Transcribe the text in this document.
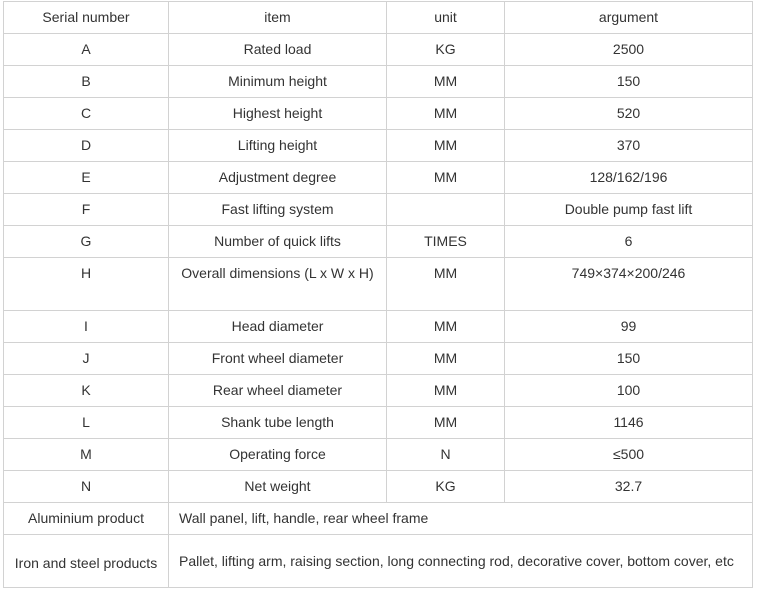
Serial number	item	unit	argument
A	Rated load	KG	2500
B	Minimum height	MM	150
C	Highest height	MM	520
D	Lifting height	MM	370
E	Adjustment degree	MM	128/162/196
F	Fast lifting system		Double pump fast lift
G	Number of quick lifts	TIMES	6
H	Overall dimensions (L x W x H)	MM	749×374×200/246
I	Head diameter	MM	99
J	Front wheel diameter	MM	150
K	Rear wheel diameter	MM	100
L	Shank tube length	MM	1146
M	Operating force	N	≤500
N	Net weight	KG	32.7
Aluminium product	Wall panel, lift, handle, rear wheel frame		
Iron and steel products	Pallet, lifting arm, raising section, long connecting rod, decorative cover, bottom cover, etc		
